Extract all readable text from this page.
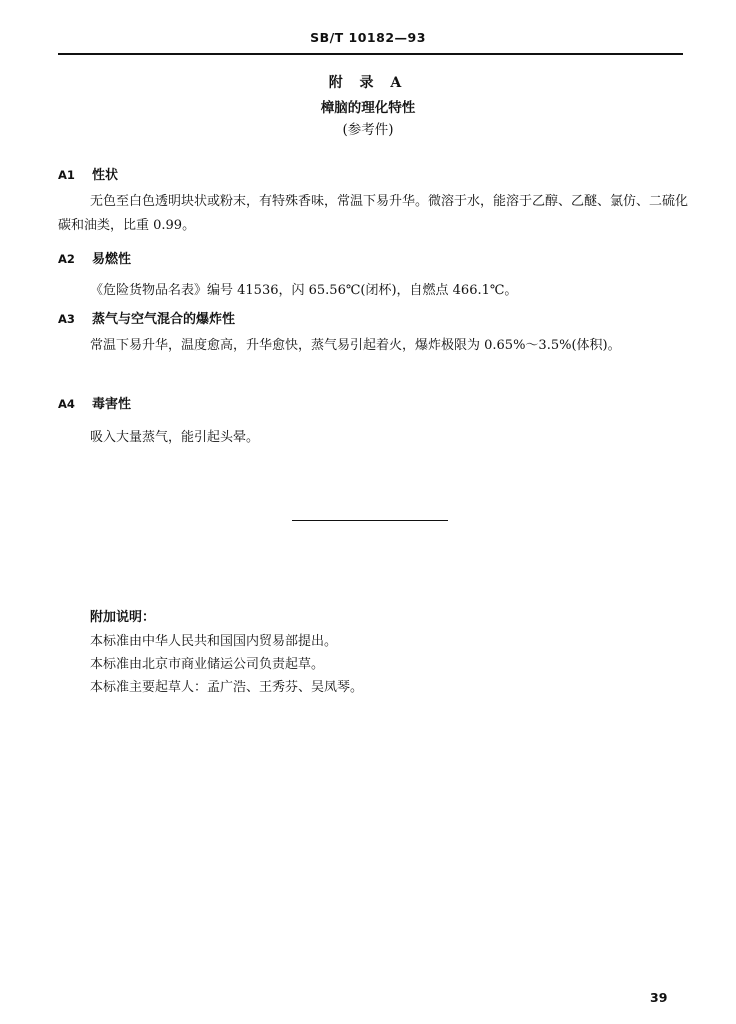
SB/T 10182—93
附 录 A
樟脑的理化特性
(参考件)
A1 性状
无色至白色透明块状或粉末，有特殊香味，常温下易升华。微溶于水，能溶于乙醇、乙醚、氯仿、二硫化碳和油类，比重 0.99。
A2 易燃性
《危险货物品名表》编号 41536，闪 65.56℃(闭杯)，自燃点 466.1℃。
A3 蒸气与空气混合的爆炸性
常温下易升华，温度愈高，升华愈快，蒸气易引起着火，爆炸极限为 0.65%～3.5%(体积)。
A4 毒害性
吸入大量蒸气，能引起头晕。
附加说明：
本标准由中华人民共和国国内贸易部提出。
本标准由北京市商业储运公司负责起草。
本标准主要起草人：孟广浩、王秀芬、吴凤琴。
39
